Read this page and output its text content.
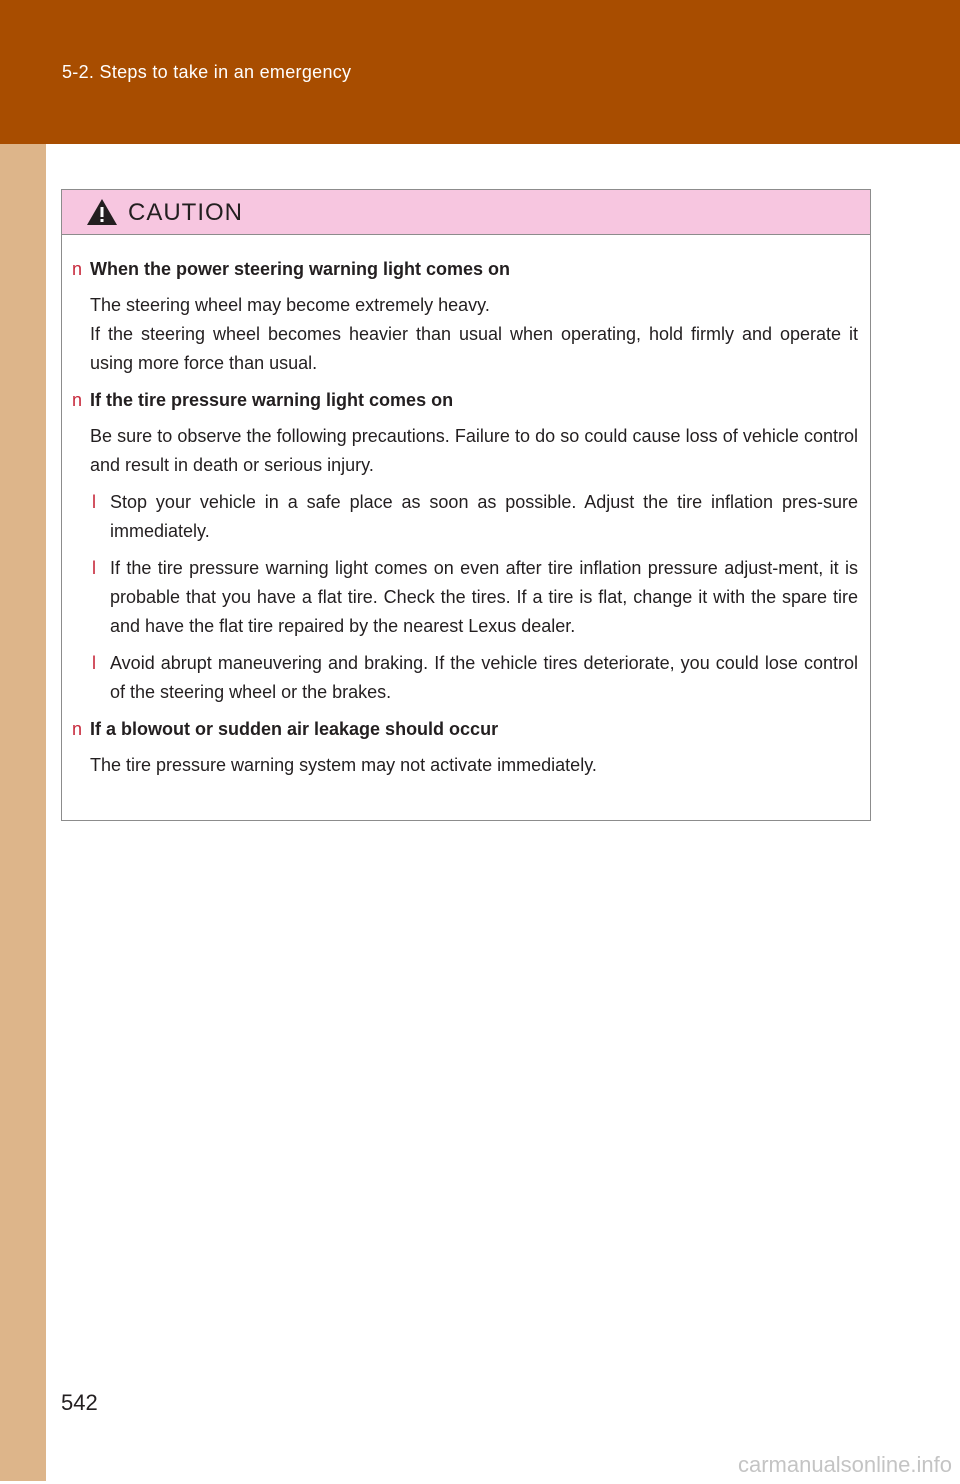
5-2. Steps to take in an emergency
CAUTION
n When the power steering warning light comes on

The steering wheel may become extremely heavy.

If the steering wheel becomes heavier than usual when operating, hold firmly and operate it using more force than usual.

n If the tire pressure warning light comes on

Be sure to observe the following precautions. Failure to do so could cause loss of vehicle control and result in death or serious injury.

l Stop your vehicle in a safe place as soon as possible. Adjust the tire inflation pres-sure immediately.
l If the tire pressure warning light comes on even after tire inflation pressure adjust-ment, it is probable that you have a flat tire. Check the tires. If a tire is flat, change it with the spare tire and have the flat tire repaired by the nearest Lexus dealer.
l Avoid abrupt maneuvering and braking. If the vehicle tires deteriorate, you could lose control of the steering wheel or the brakes.
n If a blowout or sudden air leakage should occur

The tire pressure warning system may not activate immediately.

542
carmanualsonline.info
